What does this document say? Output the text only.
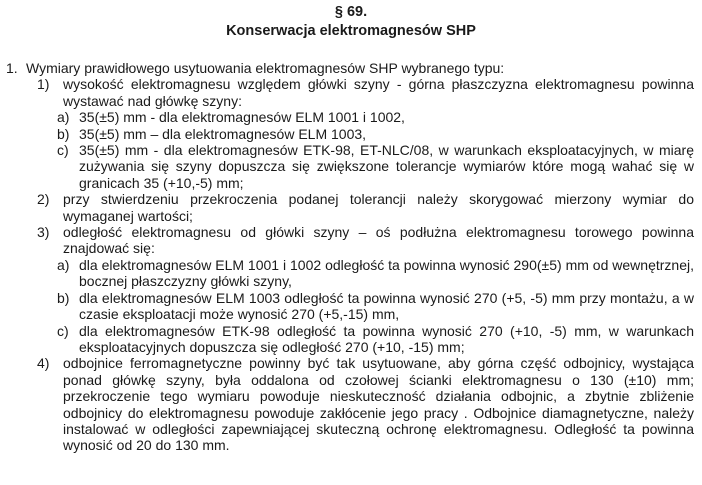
§ 69.
Konserwacja elektromagnesów SHP
1. Wymiary prawidłowego usytuowania elektromagnesów SHP wybranego typu:
1) wysokość elektromagnesu względem główki szyny - górna płaszczyzna elektromagnesu powinna wystawać nad główkę szyny:
a) 35(±5) mm - dla elektromagnesów ELM 1001 i 1002,
b) 35(±5) mm – dla elektromagnesów ELM 1003,
c) 35(±5) mm - dla elektromagnesów ETK-98, ET-NLC/08, w warunkach eksploatacyjnych, w miarę zużywania się szyny dopuszcza się zwiększone tolerancje wymiarów które mogą wahać się w granicach 35 (+10,-5) mm;
2) przy stwierdzeniu przekroczenia podanej tolerancji należy skorygować mierzony wymiar do wymaganej wartości;
3) odległość elektromagnesu od główki szyny – oś podłużna elektromagnesu torowego powinna znajdować się:
a) dla elektromagnesów ELM 1001 i 1002 odległość ta powinna wynosić 290(±5) mm od wewnętrznej, bocznej płaszczyzny główki szyny,
b) dla elektromagnesów ELM 1003 odległość ta powinna wynosić 270 (+5, -5) mm przy montażu, a w czasie eksploatacji może wynosić 270 (+5,-15) mm,
c) dla elektromagnesów ETK-98 odległość ta powinna wynosić 270 (+10, -5) mm, w warunkach eksploatacyjnych dopuszcza się odległość 270 (+10, -15) mm;
4) odbojnice ferromagnetyczne powinny być tak usytuowane, aby górna część odbojnicy, wystająca ponad główkę szyny, była oddalona od czołowej ścianki elektromagnesu o 130 (±10) mm; przekroczenie tego wymiaru powoduje nieskuteczność działania odbojnic, a zbytnie zbliżenie odbojnicy do elektromagnesu powoduje zakłócenie jego pracy . Odbojnice diamagnetyczne, należy instalować w odległości zapewniającej skuteczną ochronę elektromagnesu. Odległość ta powinna wynosić od 20 do 130 mm.
